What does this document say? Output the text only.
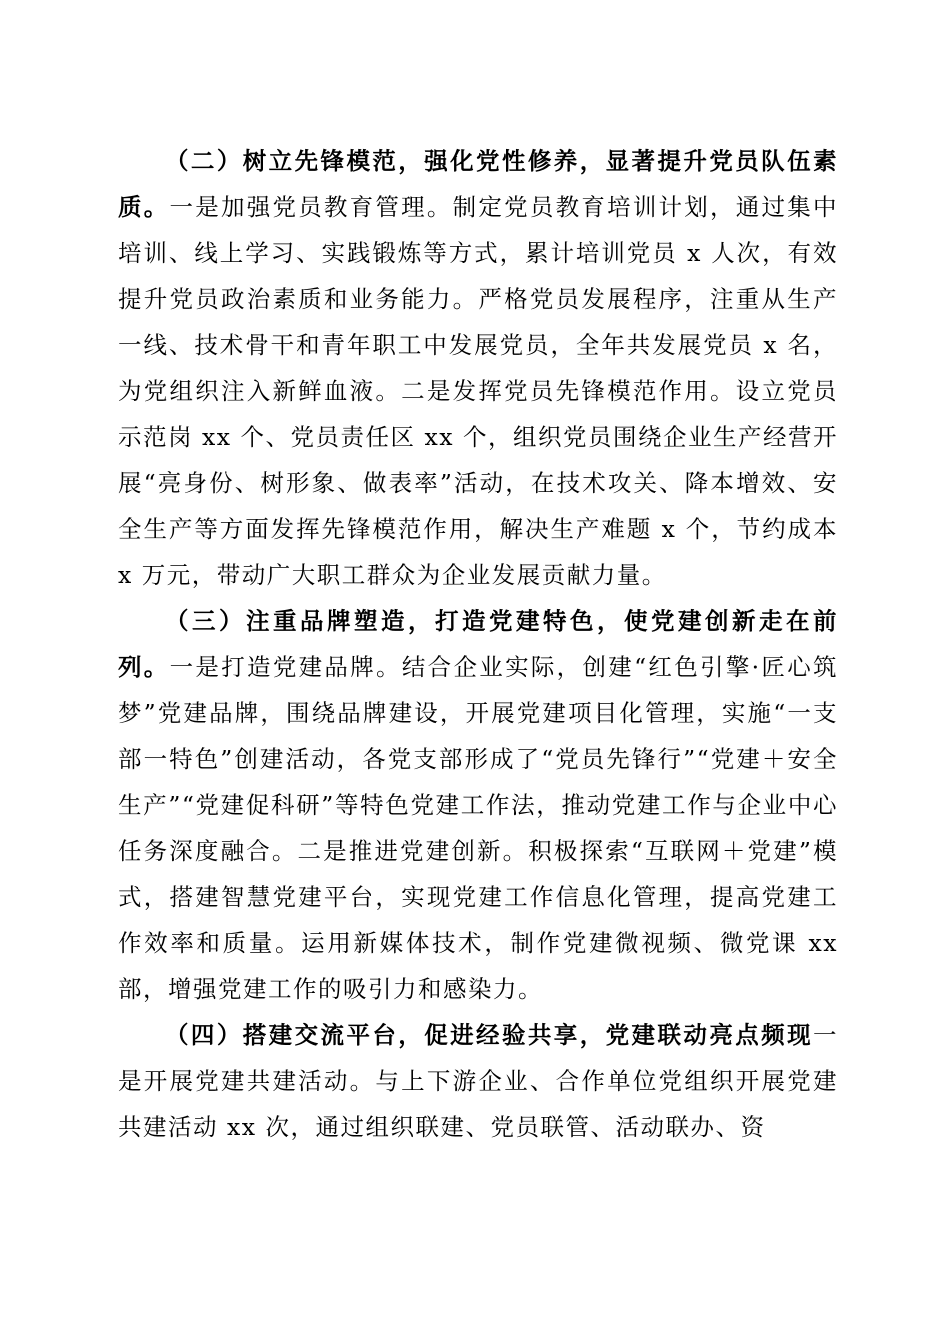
（二）树立先锋模范，强化党性修养，显著提升党员队伍素质。一是加强党员教育管理。制定党员教育培训计划，通过集中培训、线上学习、实践锻炼等方式，累计培训党员 x 人次，有效提升党员政治素质和业务能力。严格党员发展程序，注重从生产一线、技术骨干和青年职工中发展党员，全年共发展党员 x 名，为党组织注入新鲜血液。二是发挥党员先锋模范作用。设立党员示范岗 xx 个、党员责任区 xx 个，组织党员围绕企业生产经营开展“亮身份、树形象、做表率”活动，在技术攻关、降本增效、安全生产等方面发挥先锋模范作用，解决生产难题 x 个，节约成本 x 万元，带动广大职工群众为企业发展贡献力量。

（三）注重品牌塑造，打造党建特色，使党建创新走在前列。一是打造党建品牌。结合企业实际，创建“红色引擎·匠心筑梦”党建品牌，围绕品牌建设，开展党建项目化管理，实施“一支部一特色”创建活动，各党支部形成了“党员先锋行”“党建＋安全生产”“党建促科研”等特色党建工作法，推动党建工作与企业中心任务深度融合。二是推进党建创新。积极探索“互联网＋党建”模式，搭建智慧党建平台，实现党建工作信息化管理，提高党建工作效率和质量。运用新媒体技术，制作党建微视频、微党课 xx 部，增强党建工作的吸引力和感染力。

（四）搭建交流平台，促进经验共享，党建联动亮点频现一是开展党建共建活动。与上下游企业、合作单位党组织开展党建共建活动 xx 次，通过组织联建、党员联管、活动联办、资
